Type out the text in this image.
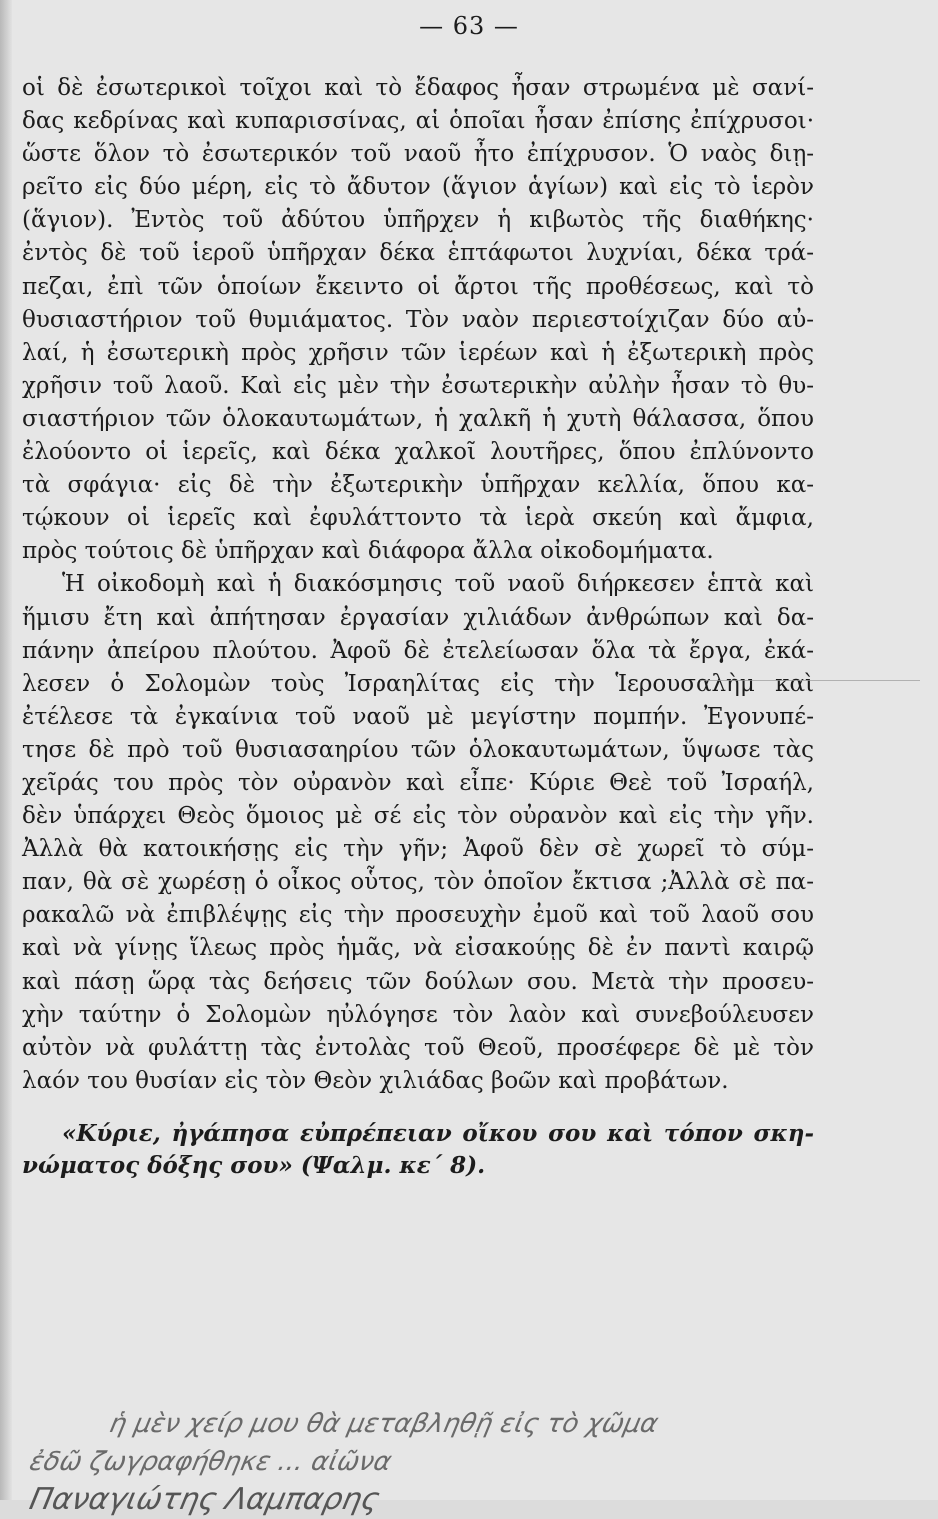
— 63 —
οἱ δὲ ἐσωτερικοὶ τοῖχοι καὶ τὸ ἔδαφος ἦσαν στρωμένα μὲ σανί-
δας κεδρίνας καὶ κυπαρισσίνας, αἱ ὁποῖαι ἦσαν ἐπίσης ἐπίχρυσοι·
ὥστε ὅλον τὸ ἐσωτερικόν τοῦ ναοῦ ἦτο ἐπίχρυσον. Ὁ ναὸς διῃ-
ρεῖτο εἰς δύο μέρη, εἰς τὸ ἄδυτον (ἅγιον ἁγίων) καὶ εἰς τὸ ἱερὸν
(ἅγιον). Ἐντὸς τοῦ ἀδύτου ὑπῆρχεν ἡ κιβωτὸς τῆς διαθήκης·
ἐντὸς δὲ τοῦ ἱεροῦ ὑπῆρχαν δέκα ἑπτάφωτοι λυχνίαι, δέκα τρά-
πεζαι, ἐπὶ τῶν ὁποίων ἔκειντο οἱ ἄρτοι τῆς προθέσεως, καὶ τὸ
θυσιαστήριον τοῦ θυμιάματος. Τὸν ναὸν περιεστοίχιζαν δύο αὐ-
λαί, ἡ ἐσωτερικὴ πρὸς χρῆσιν τῶν ἱερέων καὶ ἡ ἐξωτερικὴ πρὸς
χρῆσιν τοῦ λαοῦ. Καὶ εἰς μὲν τὴν ἐσωτερικὴν αὐλὴν ἦσαν τὸ θυ-
σιαστήριον τῶν ὁλοκαυτωμάτων, ἡ χαλκῆ ἡ χυτὴ θάλασσα, ὅπου
ἐλούοντο οἱ ἱερεῖς, καὶ δέκα χαλκοῖ λουτῆρες, ὅπου ἐπλύνοντο
τὰ σφάγια· εἰς δὲ τὴν ἐξωτερικὴν ὑπῆρχαν κελλία, ὅπου κα-
τῴκουν οἱ ἱερεῖς καὶ ἐφυλάττοντο τὰ ἱερὰ σκεύη καὶ ἄμφια,
πρὸς τούτοις δὲ ὑπῆρχαν καὶ διάφορα ἄλλα οἰκοδομήματα.
Ἡ οἰκοδομὴ καὶ ἡ διακόσμησις τοῦ ναοῦ διήρκεσεν ἑπτὰ καὶ
ἥμισυ ἔτη καὶ ἀπήτησαν ἐργασίαν χιλιάδων ἀνθρώπων καὶ δα-
πάνην ἀπείρου πλούτου. Ἀφοῦ δὲ ἐτελείωσαν ὅλα τὰ ἔργα, ἐκά-
λεσεν ὁ Σολομὼν τοὺς Ἰσραηλίτας εἰς τὴν Ἱερουσαλὴμ καὶ
ἐτέλεσε τὰ ἐγκαίνια τοῦ ναοῦ μὲ μεγίστην πομπήν. Ἐγονυπέ-
τησε δὲ πρὸ τοῦ θυσιασαηρίου τῶν ὁλοκαυτωμάτων, ὕψωσε τὰς
χεῖράς του πρὸς τὸν οὐρανὸν καὶ εἶπε· Κύριε Θεὲ τοῦ Ἰσραήλ,
δὲν ὑπάρχει Θεὸς ὅμοιος μὲ σέ εἰς τὸν οὐρανὸν καὶ εἰς τὴν γῆν.
Ἀλλὰ θὰ κατοικήσῃς εἰς τὴν γῆν; Ἀφοῦ δὲν σὲ χωρεῖ τὸ σύμ-
παν, θὰ σὲ χωρέσῃ ὁ οἶκος οὗτος, τὸν ὁποῖον ἔκτισα ;Ἀλλὰ σὲ πα-
ρακαλῶ νὰ ἐπιβλέψῃς εἰς τὴν προσευχὴν ἐμοῦ καὶ τοῦ λαοῦ σου
καὶ νὰ γίνῃς ἵλεως πρὸς ἡμᾶς, νὰ εἰσακούῃς δὲ ἐν παντὶ καιρῷ
καὶ πάσῃ ὥρᾳ τὰς δεήσεις τῶν δούλων σου. Μετὰ τὴν προσευ-
χὴν ταύτην ὁ Σολομὼν ηὐλόγησε τὸν λαὸν καὶ συνεβούλευσεν
αὐτὸν νὰ φυλάττῃ τὰς ἐντολὰς τοῦ Θεοῦ, προσέφερε δὲ μὲ τὸν
λαόν του θυσίαν εἰς τὸν Θεὸν χιλιάδας βοῶν καὶ προβάτων.
«Κύριε, ἠγάπησα εὐπρέπειαν οἴκου σου καὶ τόπον σκη-
νώματος δόξης σου» (Ψαλμ. κε΄ 8).
ἡ μὲν χείρ μου θὰ μεταβληθῇ εἰς τὸ χῶμα
ἐδῶ ζωγραφήθηκε ... αἰῶνα
Παναγιώτης Λαμπαρης
